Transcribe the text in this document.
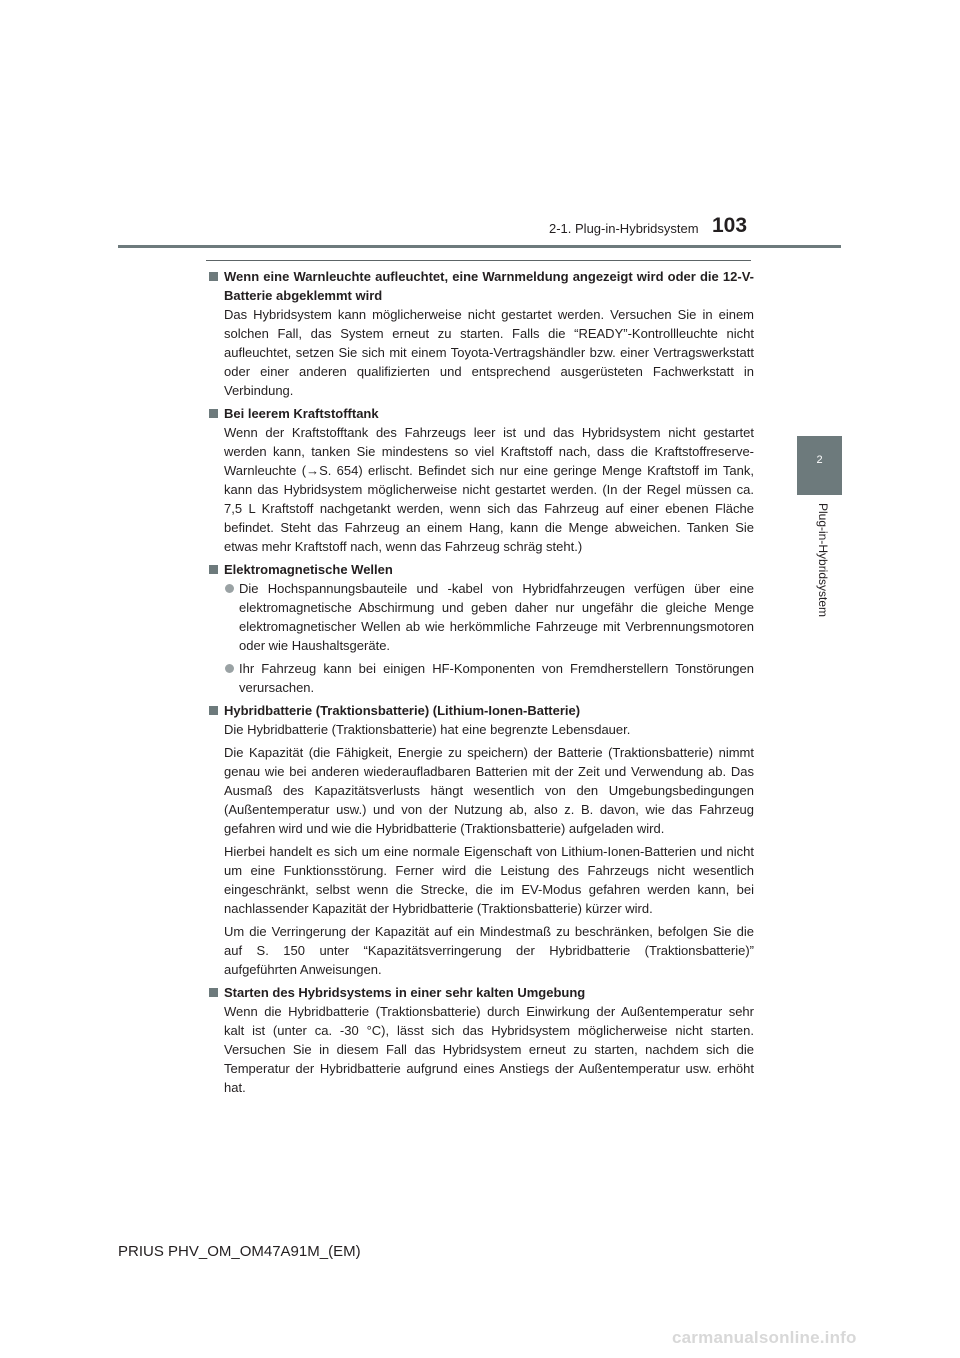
2-1. Plug-in-Hybridsystem 103
2
Plug-in-Hybridsystem

Wenn eine Warnleuchte aufleuchtet, eine Warnmeldung angezeigt wird oder die 12-V-Batterie abgeklemmt wird

Das Hybridsystem kann möglicherweise nicht gestartet werden. Versuchen Sie in einem solchen Fall, das System erneut zu starten. Falls die “READY”-Kontrollleuchte nicht aufleuchtet, setzen Sie sich mit einem Toyota-Vertragshändler bzw. einer Vertragswerkstatt oder einer anderen qualifizierten und entsprechend ausgerüsteten Fachwerkstatt in Verbindung.

Bei leerem Kraftstofftank

Wenn der Kraftstofftank des Fahrzeugs leer ist und das Hybridsystem nicht gestartet werden kann, tanken Sie mindestens so viel Kraftstoff nach, dass die Kraftstoffreserve-Warnleuchte (→S. 654) erlischt. Befindet sich nur eine geringe Menge Kraftstoff im Tank, kann das Hybridsystem möglicherweise nicht gestartet werden. (In der Regel müssen ca. 7,5 L Kraftstoff nachgetankt werden, wenn sich das Fahrzeug auf einer ebenen Fläche befindet. Steht das Fahrzeug an einem Hang, kann die Menge abweichen. Tanken Sie etwas mehr Kraftstoff nach, wenn das Fahrzeug schräg steht.)

Elektromagnetische Wellen

Die Hochspannungsbauteile und -kabel von Hybridfahrzeugen verfügen über eine elektromagnetische Abschirmung und geben daher nur ungefähr die gleiche Menge elektromagnetischer Wellen ab wie herkömmliche Fahrzeuge mit Verbrennungsmotoren oder wie Haushaltsgeräte.

Ihr Fahrzeug kann bei einigen HF-Komponenten von Fremdherstellern Tonstörungen verursachen.

Hybridbatterie (Traktionsbatterie) (Lithium-Ionen-Batterie)

Die Hybridbatterie (Traktionsbatterie) hat eine begrenzte Lebensdauer.

Die Kapazität (die Fähigkeit, Energie zu speichern) der Batterie (Traktionsbatterie) nimmt genau wie bei anderen wiederaufladbaren Batterien mit der Zeit und Verwendung ab. Das Ausmaß des Kapazitätsverlusts hängt wesentlich von den Umgebungsbedingungen (Außentemperatur usw.) und von der Nutzung ab, also z. B. davon, wie das Fahrzeug gefahren wird und wie die Hybridbatterie (Traktionsbatterie) aufgeladen wird.

Hierbei handelt es sich um eine normale Eigenschaft von Lithium-Ionen-Batterien und nicht um eine Funktionsstörung. Ferner wird die Leistung des Fahrzeugs nicht wesentlich eingeschränkt, selbst wenn die Strecke, die im EV-Modus gefahren werden kann, bei nachlassender Kapazität der Hybridbatterie (Traktionsbatterie) kürzer wird.

Um die Verringerung der Kapazität auf ein Mindestmaß zu beschränken, befolgen Sie die auf S. 150 unter “Kapazitätsverringerung der Hybridbatterie (Traktionsbatterie)” aufgeführten Anweisungen.

Starten des Hybridsystems in einer sehr kalten Umgebung

Wenn die Hybridbatterie (Traktionsbatterie) durch Einwirkung der Außentemperatur sehr kalt ist (unter ca. -30 °C), lässt sich das Hybridsystem möglicherweise nicht starten. Versuchen Sie in diesem Fall das Hybridsystem erneut zu starten, nachdem sich die Temperatur der Hybridbatterie aufgrund eines Anstiegs der Außentemperatur usw. erhöht hat.

PRIUS PHV_OM_OM47A91M_(EM)
carmanualsonline.info
